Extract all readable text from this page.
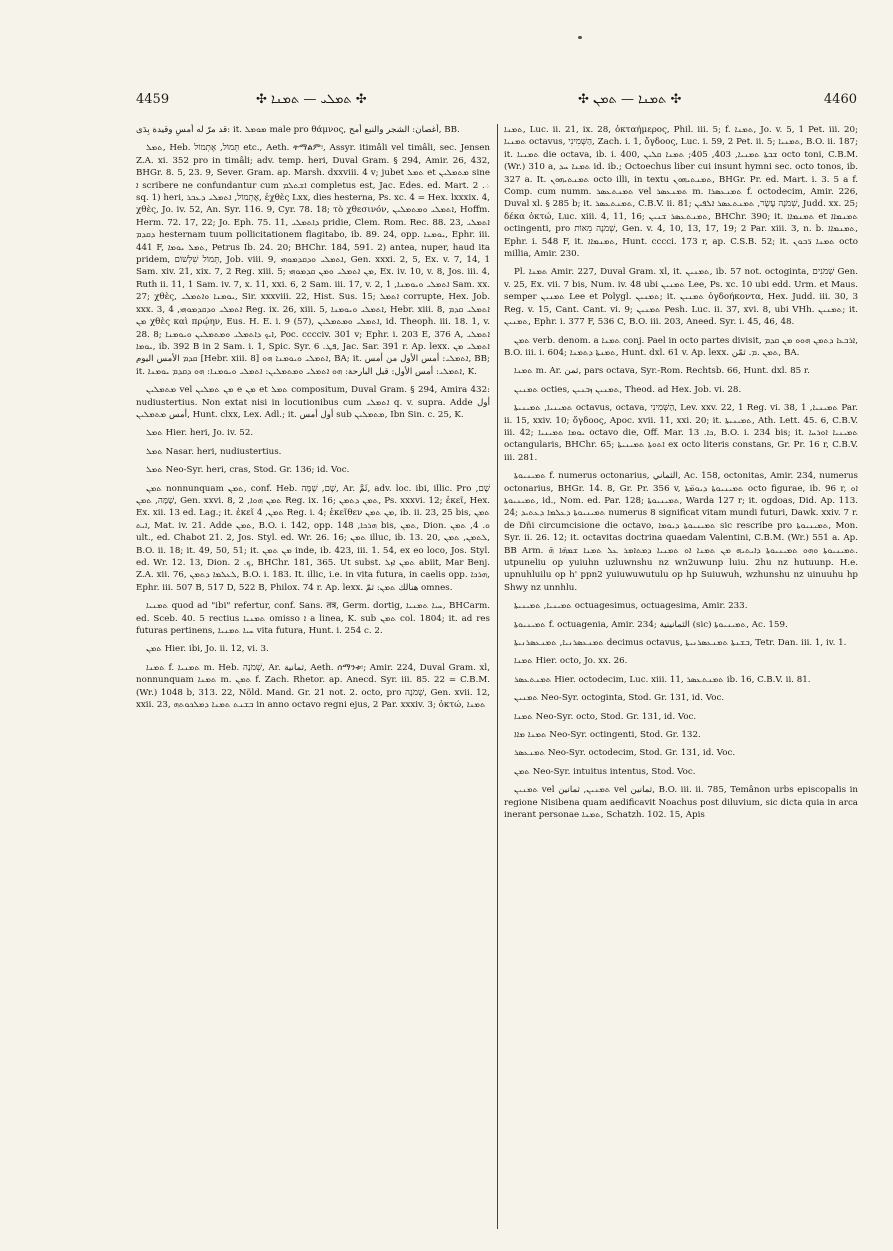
4459	✣ ܬܡܠܝ — ܬܡܢܐ ✣	✣ ܬܡܢܐ — ܬܡܢ ✣	4460

قد مرّ له أمسِ وقيدة بِدَى: it. ܡܘܡܠ male pro θάμνος, أغصان: الشجر والنبع أمح, BB.

ܬܡܠ, Heb. תְּמוֹל, אֶתְמוֹל etc., Aeth. ትማልም፡, Assyr. itimâli vel timâli, sec. Jensen Z.A. xi. 352 pro in timâli; adv. temp. heri, Duval Gram. § 294, Amir. 26, 432, BHGr. 8. 5, 23. 9, Sever. Gram. ap. Marsh. dxxviii. 4 v; jubet ܬܡܠ et ܡܬܡܠܝܢ sine ܐ scribere ne confundantur cum ܐܫܬܠܡ completus est, Jac. Edes. ed. Mart. ܀. 2 sq. 1) heri, אֶתְמוֹל, ܐܬܡܠܝ ܕܥܒܪ, ἐχθὲς Lxx, dies hesterna, Ps. xc. 4 = Hex. lxxxix. 4, χθὲς, Jo. iv. 52, An. Syr. 116. 9, Cyr. 78. 18; τὸ χθεσινόν, ܐܬܡܠܝ ܘܡܬܡܠܝܢ, Hoffm. Herm. 72. 17, 22; Jo. Eph. 75. 11, ܕܐܬܡܠܝ pridie, Clem. Rom. Rec. 88. 23, ܐܬܡܠܝ ܕܩܕܡ hesternam tuum pollicitationem flagitabo, ib. 89. 24, opp. ܝܘܡܢܐ, Ephr. iii. 441 F, ܬܡܠ ܝܘܡܐ, Petrus Ib. 24. 20; BHChr. 184, 591. 2) antea, nuper, haud ita pridem, תְּמוֹל שִׁלְשׁוֹם, Job. viii. 9, ܐܬܡܠܝ ܘܕܩܕܡܘܗܝ, Gen. xxxi. 2, 5, Ex. v. 7, 14, 1 Sam. xiv. 21, xix. 7, 2 Reg. xiii. 5; ܡܢ ܐܬܡܠܝ ܘܡܢ ܩܕܡܘܗܝ, Ex. iv. 10, v. 8, Jos. iii. 4, Ruth ii. 11, 1 Sam. iv. 7, x. 11, xxi. 6, 2 Sam. iii. 17, v. 2, ܐܬܡܠܝ ܘܝܘܡܢܐ, 1 Sam. xx. 27; χθὲς, ܝܘܡܢܐ ܘܐܬܡܠܝ, Sir. xxxviii. 22, Hist. Sus. 15; ܐܬܡܠ corrupte, Hex. Job. xxx. 3, ܐܬܡܠܝ ܘܕܩܕܡܘܗܝ, 4 Reg. ix. 26, xiii. 5, ܐܬܡܠܝ ܘܝܘܡܢܐ, Hebr. xiii. 8, ܐܬܡܠܝ ܩܕܡ ܡܢ χθὲς καὶ πρῴην, Eus. H. E. i. 9 (57), ܐܬܡܠܝ ܘܡܬܡܠܝܢ, id. Theoph. iii. 18. 1, v. 28. 8; ܐܝܟ ܕܐܬܡܠܝ ܘܡܬܡܠܝܢ ܘܝܘܡܢܐ, Poc. cccciv. 301 v; Ephr. i. 203 E, 376 A, ܐܬܡܠܝ ܝܘܡܐ, ib. 392 B in 2 Sam. i. 1, Spic. Syr. ܦܛ. 6, Jac. Sar. 391 r. Ap. lexx. ܐܬܡܠܝ ܡܢ ܩܕܡ الأمس اليوم [Hebr. xiii. 8] ܐܬܡܠܝ ܘܝܘܡܢܐ ܗܘ, BA; it. ܐܬܡܠܝ: أمس الأول من أمس, BB; it. ܐܬܡܠܝ: أمس الأول: قبل البارحة: ܗܘ ܐܬܡܠܝ ܘܡܬܡܠܝܢ: ܐܬܡܠܝ ܘܝܘܡܢܐ: ܗܘ ܕܩܕܡ ܝܘܡܢܐ, K.

ܡܬܡܠܝܢ vel ܡܢ ܬܡܠܝܢ e ܡܢ et ܬܡܠ compositum, Duval Gram. § 294, Amira 432: nudiustertius. Non extat nisi in locutionibus cum ܐܬܡܠܝ q. v. supra. Adde أول أمس ܡܬܡܠܝܢ, Hunt. clxx, Lex. Adl.; it. أول أمس sub ܡܬܡܠܝܢ, Ibn Sin. c. 25, K.

ܬܡܠ Hier. heri, Jo. iv. 52.

ܬܡܠ Nasar. heri, nudiustertius.

ܬܡܠ Neo-Syr. heri, cras, Stod. Gr. 136; id. Voc.

ܬܡܢ nonnunquam ܬܡܢ, conf. Heb. שָׁם, שָׁמָּה, Ar. ثَمَّ, adv. loc. ibi, illic. Pro שָׁם, שָׁמָּה, ܬܡܢ, Gen. xxvi. 8, ܬܡܢ ܗܘܐ, 2 Reg. ix. 16; ܬܡܢ ܕܬܡܢ, Ps. xxxvi. 12; ἐκεῖ, Hex. Ex. xii. 13 ed. Lag.; it. ἐκεῖ ܬܡܢ, 4 Reg. i. 4; ἐκεῖθεν ܡܢ ܬܡܢ, ib. ii. 23, 25 bis, ܬܡܢ ܐܝܬ, Mat. iv. 21. Adde ܬܡܢ, B.O. i. 142, opp. ܗܪܟܐ, 148 bis, ܬܡܢ, Dion. ܘ. 4, ܬܡܢ ult., ed. Chabot 21. 2, Jos. Styl. ed. Wr. 26. 16; ܬܡܢ illuc, ib. 13. 20, ܠܬܡܢ, ܬܡܢ, B.O. ii. 18; it. 49, 50, 51; it. ܡܢ ܬܡܢ inde, ib. 423, iii. 1. 54, ex eo loco, Jos. Styl. ed. Wr. 12. 13, Dion. ܟ. 2, BHChr. 181, 365. Ut subst. ܬܡܢ ܐܙܠ abiit, Mar Benj. Z.A. xii. 76, ܠܥܠܡܐ ܕܬܡܢ, B.O. i. 183. It. illic, i.e. in vita futura, in caelis opp. ܗܪܟܐ, Ephr. iii. 507 B, 517 D, 522 B, Philox. 74 r. Ap. lexx. هنالك ܬܡܢ: ثمّ omnes.

ܬܡܢܝܐ quod ad "ibi" refertur, conf. Sans. तत्र, Germ. dortig, ܚܝܐ ܬܡܢܝܐ, BHCarm. ed. Sceb. 40. 5 rectius ܬܡܢܝܐ omisso ܐ a linea, K. sub ܬܡܢ col. 1804; it. ad res futuras pertinens, ܚܝܐ ܬܡܢܝܐ vita futura, Hunt. i. 254 c. 2.

ܬܡܢ Hier. ibi, Jo. ii. 12, vi. 3.

ܬܡܢܐ f. ܬܡܢܝܐ m. Heb. שְׁמֹנָה, Ar. ثمانية, Aeth. ሰማንቱ፡; Amir. 224, Duval Gram. xl, nonnunquam ܬܡܢܐ m. ܬܡܢ f. Zach. Rhetor. ap. Anecd. Syr. iii. 85. 22 = C.B.M. (Wr.) 1048 b, 313. 22, Nöld. Mand. Gr. 21 not. 2. octo, pro שְׁמֹנָה, Gen. xvii. 12, xxii. 23, ܒܫܢܬ ܬܡܢܐ ܕܡܠܟܘܬܗ in anno octavo regni ejus, 2 Par. xxxiv. 3; ὀκτώ, ܬܡܢܐ

ܬܡܢܐ, Luc. ii. 21, ix. 28, ὀκταήμερος, Phil. iii. 5; f. ܬܡܢܐ, Jo. v. 5, 1 Pet. iii. 20; ܬܡܢܝܐ octavus, הַשְּׁמִינִי, Zach. i. 1, ὄγδοος, Luc. i. 59, 2 Pet. ii. 5; ܬܡܢܝܐ, B.O. ii. 187; it. ܬܡܢܝܐ die octava, ib. i. 400, ܫܒܬܐ ܬܡܢܝܐ, 403, 405; ܬܡܢܐ ܩܠܝܢ octo toni, C.B.M. (Wr.) 310 a, ܬܡܢܐ ܚܕ id. ib.; Octoechus liber cui insunt hymni sec. octo tonos, ib. 327 a. It. ܬܡܢܬܝܗܘܢ octo illi, in textu ܬܡܢܬܝܗܘܢ, BHGr. Pr. ed. Mart. i. 3. 5 a f. Comp. cum numm. ܬܡܢܬܥܣܪ vel ܬܡܢܥܣܪ m. ܬܡܢܥܣܪܐ f. octodecim, Amir. 226, Duval xl. § 285 b; it. ܬܡܢܬܥܣܪ, C.B.V. ii. 81; שְׁמֹנָה עָשָׂר, ܬܡܢܬܥܣܪ ܐܠܦܝܢ, Judd. xx. 25; δέκα ὀκτώ, Luc. xiii. 4, 11, 16; ܬܡܢܬܥܣܪ ܫܢܝܢ, BHChr. 390; it. ܬܡܢܡܐܐ et ܬܡܢܡܐܐ octingenti, pro שְׁמֹנֶה מֵאוֹת, Gen. v. 4, 10, 13, 17, 19; 2 Par. xiii. 3, n. b. ܬܡܢܡܐܐ, Ephr. i. 548 F, it. ܬܡܢܡܐܐ, Hunt. cccci. 173 r, ap. C.S.B. 52; it. ܬܡܢܐ ܪ̈ܒܘܢ octo millia, Amir. 230.

Pl. ܬܡܢܐ Amir. 227, Duval Gram. xl, it. ܬܡܢܝܢ, ib. 57 not. octoginta, שְׁמֹנִים Gen. v. 25, Ex. vii. 7 bis, Num. iv. 48 ubi ܬܡܢܝܢ Lee, Ps. xc. 10 ubi edd. Urm. et Maus. semper ܬܡܢܝܢ Lee et Polygl. ܬܡܢܝܢ; it. ܬܡܢܝܢ ὀγδοήκοντα, Hex. Judd. iii. 30, 3 Reg. v. 15, Cant. Cant. vi. 9; ܬܡܢܝܢ Pesh. Luc. ii. 37, xvi. 8, ubi VHh. ܬܡܢܝܢ; it. ܬܡܢܝܢ, Ephr. i. 377 F, 536 C, B.O. iii. 203, Aneed. Syr. i. 45, 46, 48.

ܬܡܢ verb. denom. a ܬܡܢܐ conj. Pael in octo partes divisit, ܐܪܒܥܐ ܕܬܡܢ ܗܘܘ ܡܢ ܩܕܡ, B.O. iii. i. 604; ܬܡܢܬܐ ܕܬܡܢܐ, Hunt. dxl. 61 v. Ap. lexx. ܬܡܢ .ܡ. ثمّن, BA.

ܬܡܢܐ m. Ar. ثمن, pars octava, Syr.-Rom. Rechtsb. 66, Hunt. dxl. 85 r.

ܬܡܢܝܢ octies, ܬܡܢܝܢ ܙܒܢܝܢ, Theod. ad Hex. Job. vi. 28.

ܬܡܝܢܝܐ, ܬܡܝܢܝܬܐ octavus, octava, הַשְּׁמִינִי, Lev. xxv. 22, 1 Reg. vi. 38, ܬܡܝܢܝܐ, 1 Par. ii. 15, xxiv. 10; ὄγδοος, Apoc. xvii. 11, xxi. 20; it. ܬܡܝܢܝܬܐ, Ath. Lett. 45. 6, C.B.V. iii. 42; ܝܘܡܐ ܬܡܝܢܝܐ octavo die, Off. Mar. ܟܐ. 13, B.O. i. 234 bis; it. ܬܡܝܢܝܐ ܐܘܪܚܐ octangularis, BHChr. 65; ܐܬܘܬܐ ܬܡܝܢܝܬܐ ex octo literis constans, Gr. Pr. 16 r, C.B.V. iii. 281.

ܬܡܝܢܝܘܬܐ f. numerus octonarius, الثماني, Ac. 158, octonitas, Amir. 234, numerus octonarius, BHGr. 14. 8, Gr. Pr. 356 v, ܬܡܝܢܝܘܬܐ ܕܝܘܡ̈ܬܐ octo figurae, ib. 96 r, ܐܘ ܬܡܝܢܝܘܬܐ, id., Nom. ed. Par. 128; ܬܡܝܢܝܘܬܐ, Warda 127 r; it. ogdoas, Did. Ap. 113. 24; ܬܡܝܢܝܘܬܐ ܕܥܠܡܐ ܕܥܬܝܕ numerus 8 significat vitam mundi futuri, Dawk. xxiv. 7 r. de Dñi circumcisione die octavo, ܬܡܝܢܝܘܬܐ ܕܝܘܡܐ sic rescribe pro ܬܡܝܢܝܘܬܐ, Mon. Syr. ii. 26. 12; it. octavitas doctrina quaedam Valentini, C.B.M. (Wr.) 551 a. Ap. BB Arm. ܬܡܝܢܝܘܬܐ ܘܗܘ ܬܡܝܢܝܘܬܐ ܕܐܝܬܝܗ ܡܢ ܬܡܢܐ ܐܘ ܬܡܢܝܐ ܕܡܬܐܡܪ ܥܠ ܬܡܢܐ ܫܡܗ̈ܐ ܗ̄. utpuneliu op yuiuhn uzluwnshu nz wn2uwunp luiu. 2hu nz hutuunp. H.e. upnuhluilu op h' ppn2 yuiuwuwutulu op hp Suiuwuh, wzhunshu nz uinuuhu hp Shwy nz unnhlu.

ܬܡܝܢܝܐ, ܬܡܝܢܝܬܐ octuagesimus, octuagesima, Amir. 233.

ܬܡܝܢܝܘܬܐ f. octuagenia, Amir. 234; الثمانينية (sic) ܬܡܝܢܝܘܬܐ, Ac. 159.

ܬܡܢܥܣܪܢܝܐ, ܬܡܢܥܣܪܢܝܬܐ decimus octavus, ܒܫܢܬܐ ܬܡܢܥܣܪܢܝܬܐ, Tetr. Dan. iii. 1, iv. 1.

ܬܡܢܐ Hier. octo, Jo. xx. 26.

ܬܡܢܬܥܣܪ Hier. octodecim, Luc. xiii. 11, ܬܡܢܬܥܣܪ ib. 16, C.B.V. ii. 81.

ܬܡܢܝܢ Neo-Syr. octoginta, Stod. Gr. 131, id. Voc.

ܬܡܢܐ Neo-Syr. octo, Stod. Gr. 131, id. Voc.

ܬܡܢܐ ܡܐܐ Neo-Syr. octingenti, Stod. Gr. 132.

ܬܡܢܥܣܪ Neo-Syr. octodecim, Stod. Gr. 131, id. Voc.

ܬܡܢ Neo-Syr. intuitus intentus, Stod. Voc.

ܬܡܢܝܢ vel ܬܡܢܝܢ, ثمانين vel ثمانين, B.O. iii. ii. 785, Temânon urbs episcopalis in regione Nisibena quam aedificavit Noachus post diluvium, sic dicta quia in arca inerant personae ܬܡܢܐ, Schatzh. 102. 15, Apis
